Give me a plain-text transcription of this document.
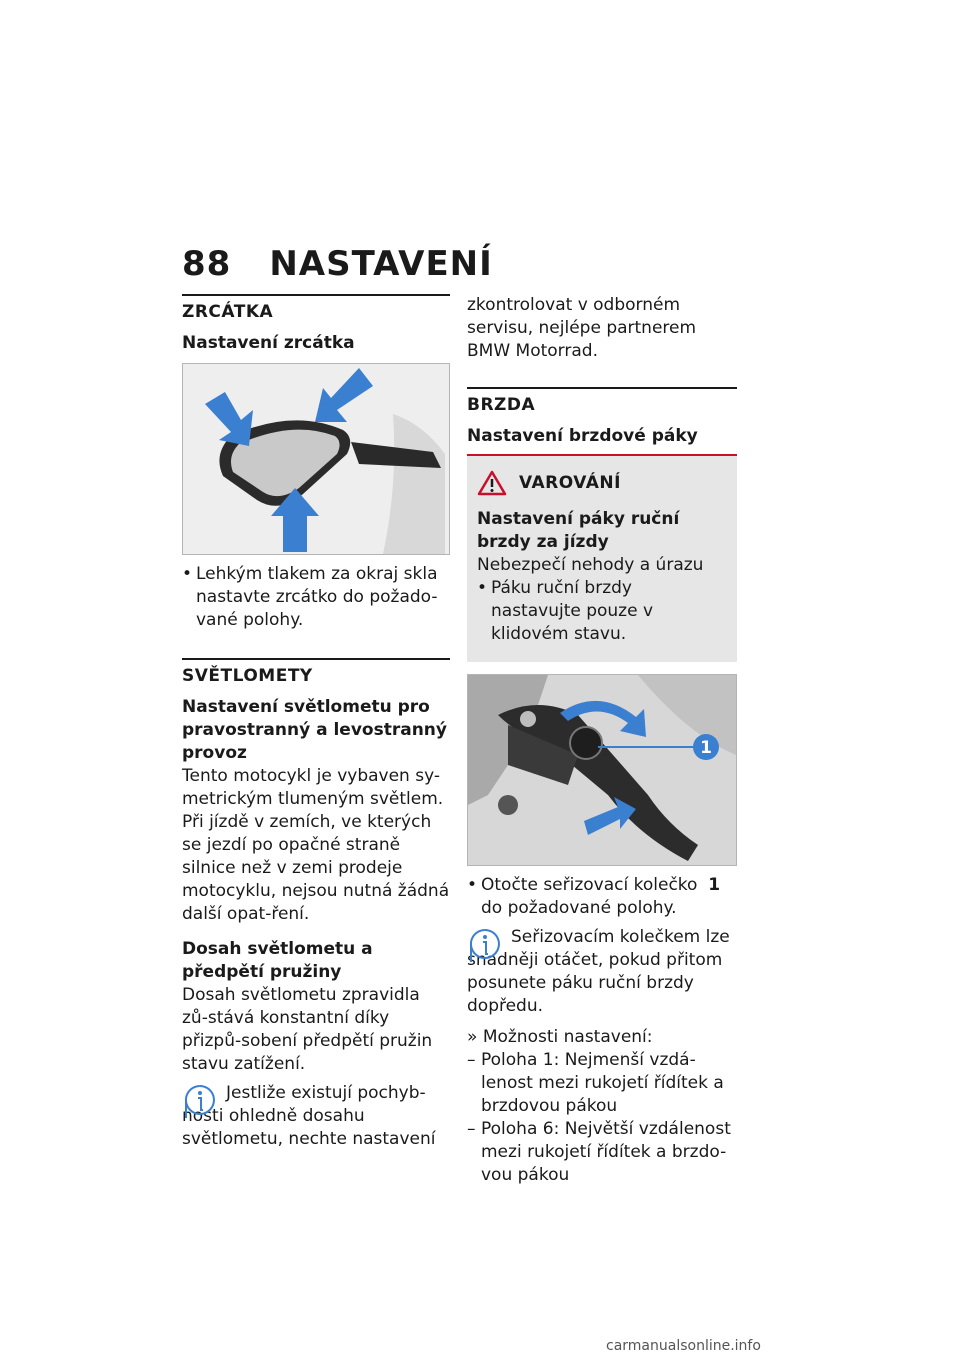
88 NASTAVENÍ
ZRCÁTKA
Nastavení zrcátka
• Lehkým tlakem za okraj skla nastavte zrcátko do požado-vané polohy.
SVĚTLOMETY
Nastavení světlometu pro pravostranný a levostranný provoz

Tento motocykl je vybaven sy-metrickým tlumeným světlem. Při jízdě v zemích, ve kterých se jezdí po opačné straně silnice než v zemi prodeje motocyklu, nejsou nutná žádná další opat-ření.

Dosah světlometu a předpětí pružiny

Dosah světlometu zpravidla zů-stává konstantní díky přizpů-sobení předpětí pružin stavu zatížení.

Jestliže existují pochyb-nosti ohledně dosahu světlometu, nechte nastavení

zkontrolovat v odborném servisu, nejlépe partnerem BMW Motorrad.

BRZDA
Nastavení brzdové páky
VAROVÁNÍ
Nastavení páky ruční brzdy za jízdy

Nebezpečí nehody a úrazu

• Páku ruční brzdy nastavujte pouze v klidovém stavu.
1
• Otočte seřizovací kolečko 1
do požadované polohy.

Seřizovacím kolečkem lze snadněji otáčet, pokud přitom posunete páku ruční brzdy dopředu.

» Možnosti nastavení:

– Poloha 1: Nejmenší vzdá-lenost mezi rukojetí řídítek a brzdovou pákou
– Poloha 6: Největší vzdálenost mezi rukojetí řídítek a brzdo-vou pákou
carmanualsonline.info
